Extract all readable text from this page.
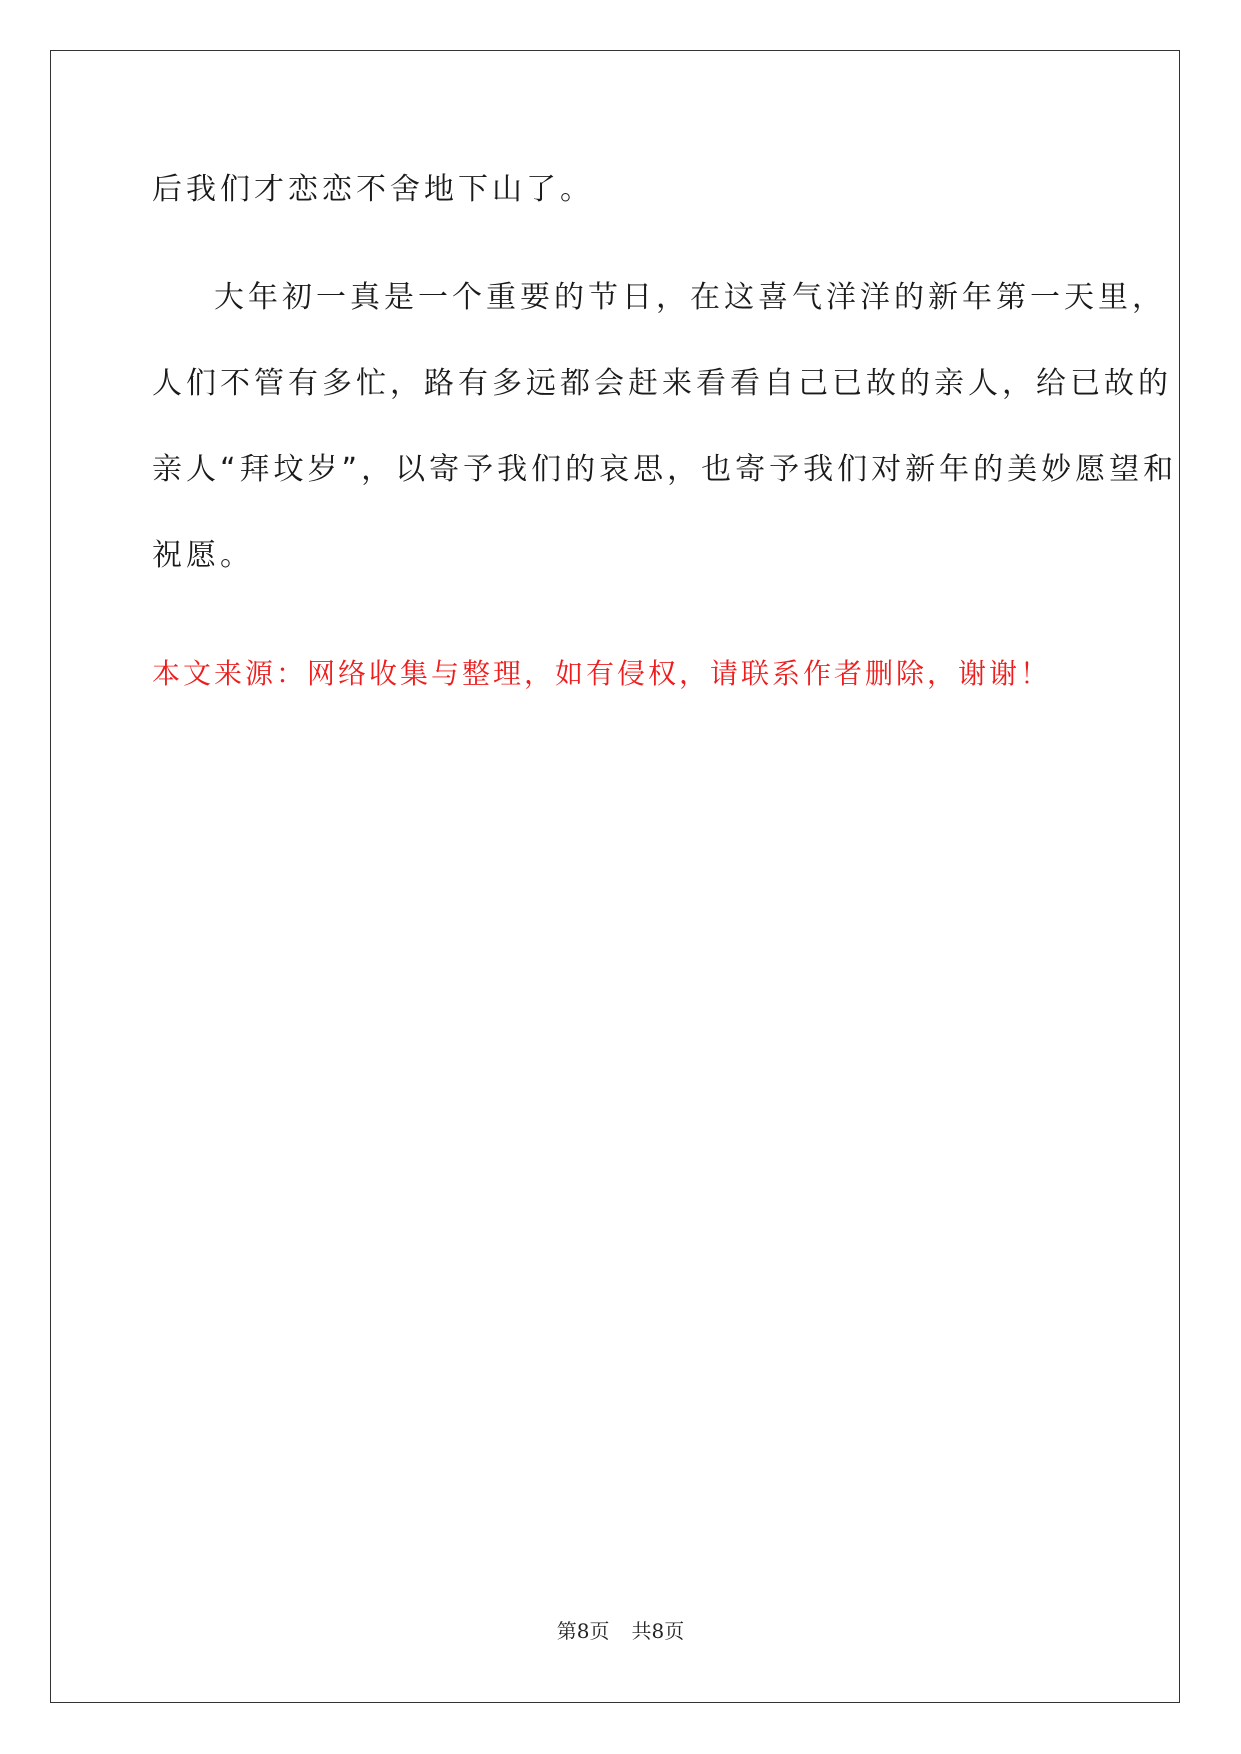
后我们才恋恋不舍地下山了。
大年初一真是一个重要的节日，在这喜气洋洋的新年第一天里，
人们不管有多忙，路有多远都会赶来看看自己已故的亲人，给已故的
亲人“拜坟岁”，以寄予我们的哀思，也寄予我们对新年的美妙愿望和
祝愿。
本文来源：网络收集与整理，如有侵权，请联系作者删除，谢谢！
第8页 共8页
